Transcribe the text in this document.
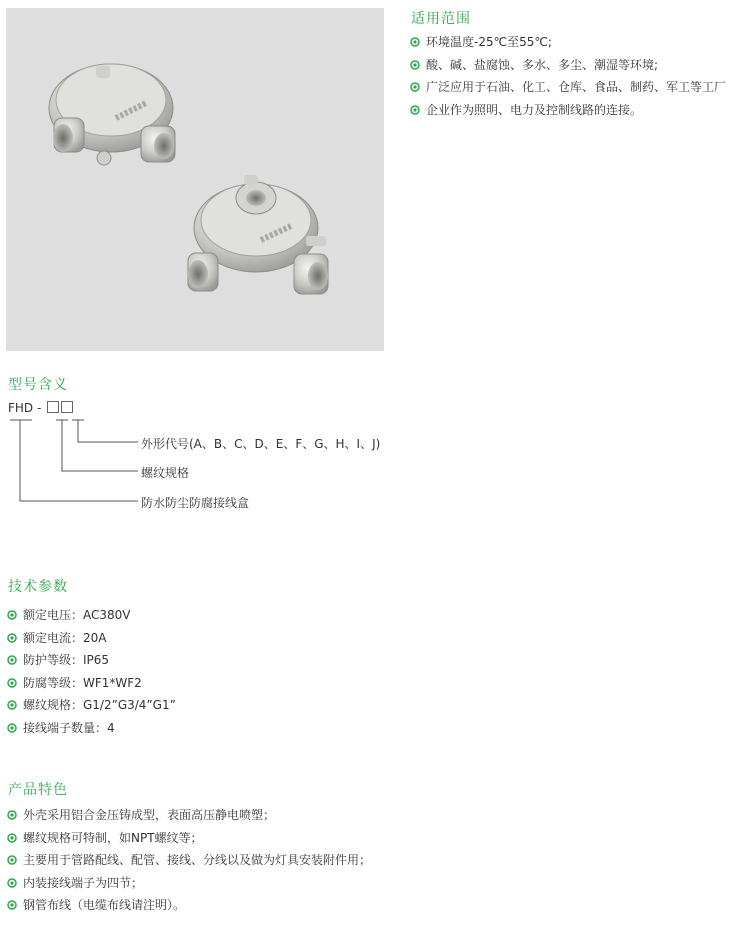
适用范围
环境温度-25℃至55℃;
酸、碱、盐腐蚀、多水、多尘、潮湿等环境;
广泛应用于石油、化工、仓库、食品、制药、军工等工厂
企业作为照明、电力及控制线路的连接。
型号含义
FHD -
外形代号(A、B、C、D、E、F、G、H、I、J)
螺纹规格
防水防尘防腐接线盒
技术参数
额定电压：AC380V
额定电流：20A
防护等级：IP65
防腐等级：WF1*WF2
螺纹规格：G1/2”G3/4”G1”
接线端子数量：4
产品特色
外壳采用铝合金压铸成型，表面高压静电喷塑；
螺纹规格可特制，如NPT螺纹等；
主要用于管路配线、配管、接线、分线以及做为灯具安装附件用；
内装接线端子为四节；
钢管布线（电缆布线请注明）。
